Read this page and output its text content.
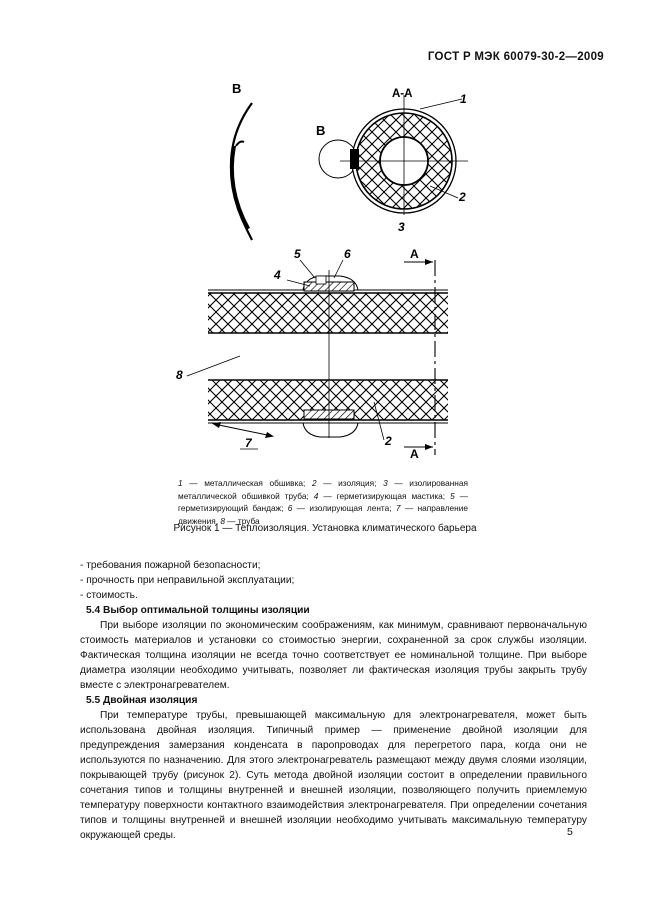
ГОСТ Р МЭК 60079-30-2—2009
В	А-А	1
2
3
В
4
5	6
8
2
7
А
А
1 — металлическая обшивка; 2 — изоляция; 3 — изолированная металлической обшивкой труба; 4 — герметизирующая мастика; 5 — герметизирующий бандаж; 6 — изолирующая лента; 7 — направление движения, 8 — труба
Рисунок 1 — Теплоизоляция. Установка климатического барьера

- требования пожарной безопасности;

- прочность при неправильной эксплуатации;

- стоимость.

5.4 Выбор оптимальной толщины изоляции

При выборе изоляции по экономическим соображениям, как минимум, сравнивают первоначальную стоимость материалов и установки со стоимостью энергии, сохраненной за срок службы изоляции. Фактическая толщина изоляции не всегда точно соответствует ее номинальной толщине. При выборе диаметра изоляции необходимо учитывать, позволяет ли фактическая изоляция трубы закрыть трубу вместе с электронагревателем.

5.5 Двойная изоляция

При температуре трубы, превышающей максимальную для электронагревателя, может быть использована двойная изоляция. Типичный пример — применение двойной изоляции для предупреждения замерзания конденсата в паропроводах для перегретого пара, когда они не используются по назначению. Для этого электронагреватель размещают между двумя слоями изоляции, покрывающей трубу (рисунок 2). Суть метода двойной изоляции состоит в определении правильного сочетания типов и толщины внутренней и внешней изоляции, позволяющего получить приемлемую температуру поверхности контактного взаимодействия электронагревателя. При определении сочетания типов и толщины внутренней и внешней изоляции необходимо учитывать максимальную температуру окружающей среды.	5
